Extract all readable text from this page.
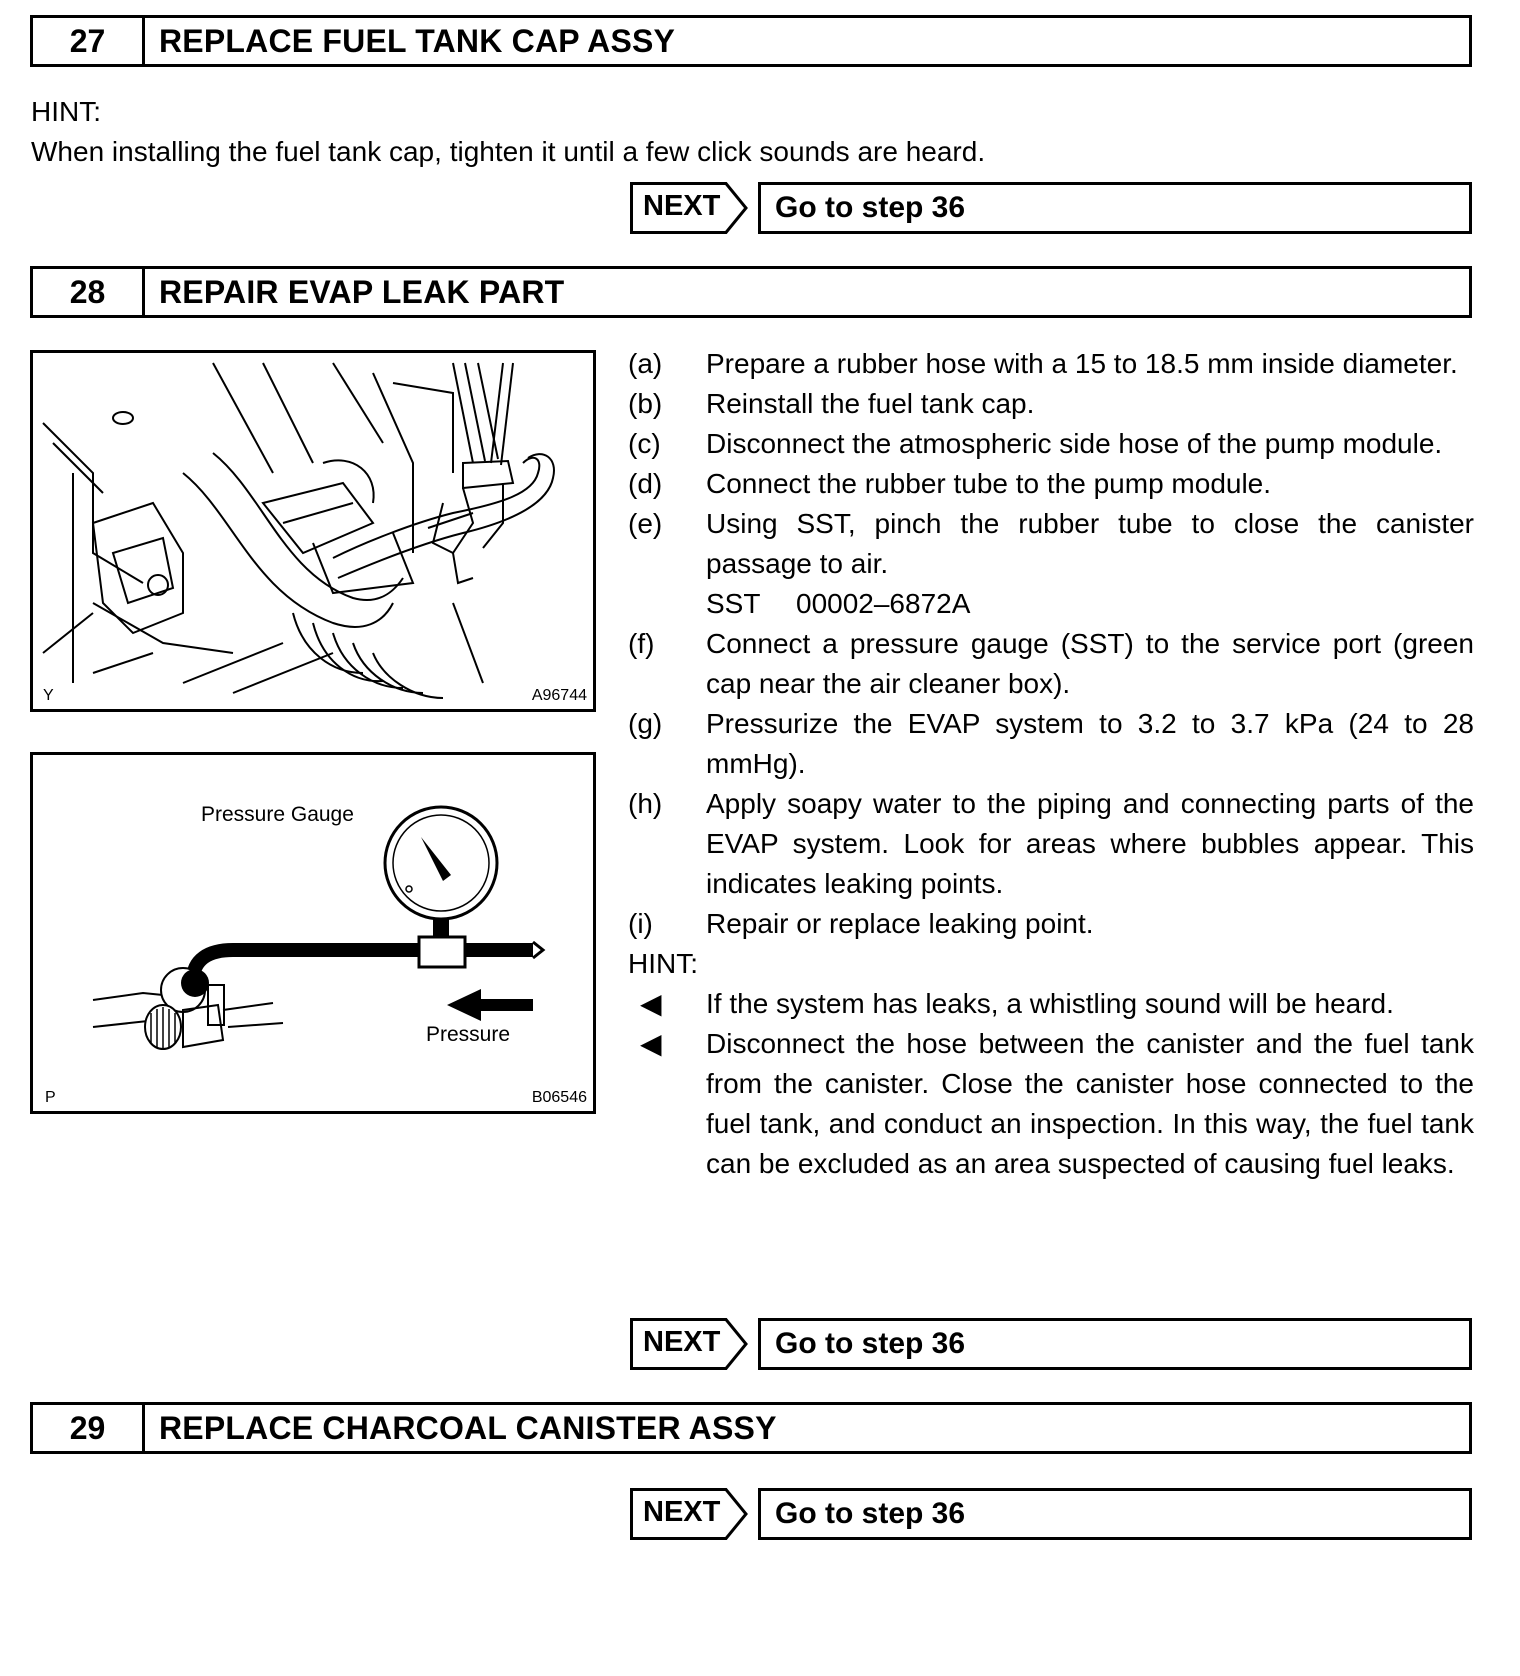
27	REPLACE FUEL TANK CAP ASSY
HINT:
When installing the fuel tank cap, tighten it until a few click sounds are heard.
NEXT	Go to step 36
28	REPAIR EVAP LEAK PART
Y	A96744
Pressure Gauge
Pressure
P	B06546
(a)	Prepare a rubber hose with a 15 to 18.5 mm inside diameter.
(b)	Reinstall the fuel tank cap.
(c)	Disconnect the atmospheric side hose of the pump module.
(d)	Connect the rubber tube to the pump module.
(e)	Using SST, pinch the rubber tube to close the canister passage to air.
SST	00002–6872A
(f)	Connect a pressure gauge (SST) to the service port (green cap near the air cleaner box).
(g)	Pressurize the EVAP system to 3.2 to 3.7 kPa (24 to 28 mmHg).
(h)	Apply soapy water to the piping and connecting parts of the EVAP system. Look for areas where bubbles appear. This indicates leaking points.
(i)	Repair or replace leaking point.
HINT:
◀	If the system has leaks, a whistling sound will be heard.
◀	Disconnect the hose between the canister and the fuel tank from the canister. Close the canister hose connected to the fuel tank, and conduct an inspection. In this way, the fuel tank can be excluded as an area suspected of causing fuel leaks.
NEXT	Go to step 36
29	REPLACE CHARCOAL CANISTER ASSY
NEXT	Go to step 36
